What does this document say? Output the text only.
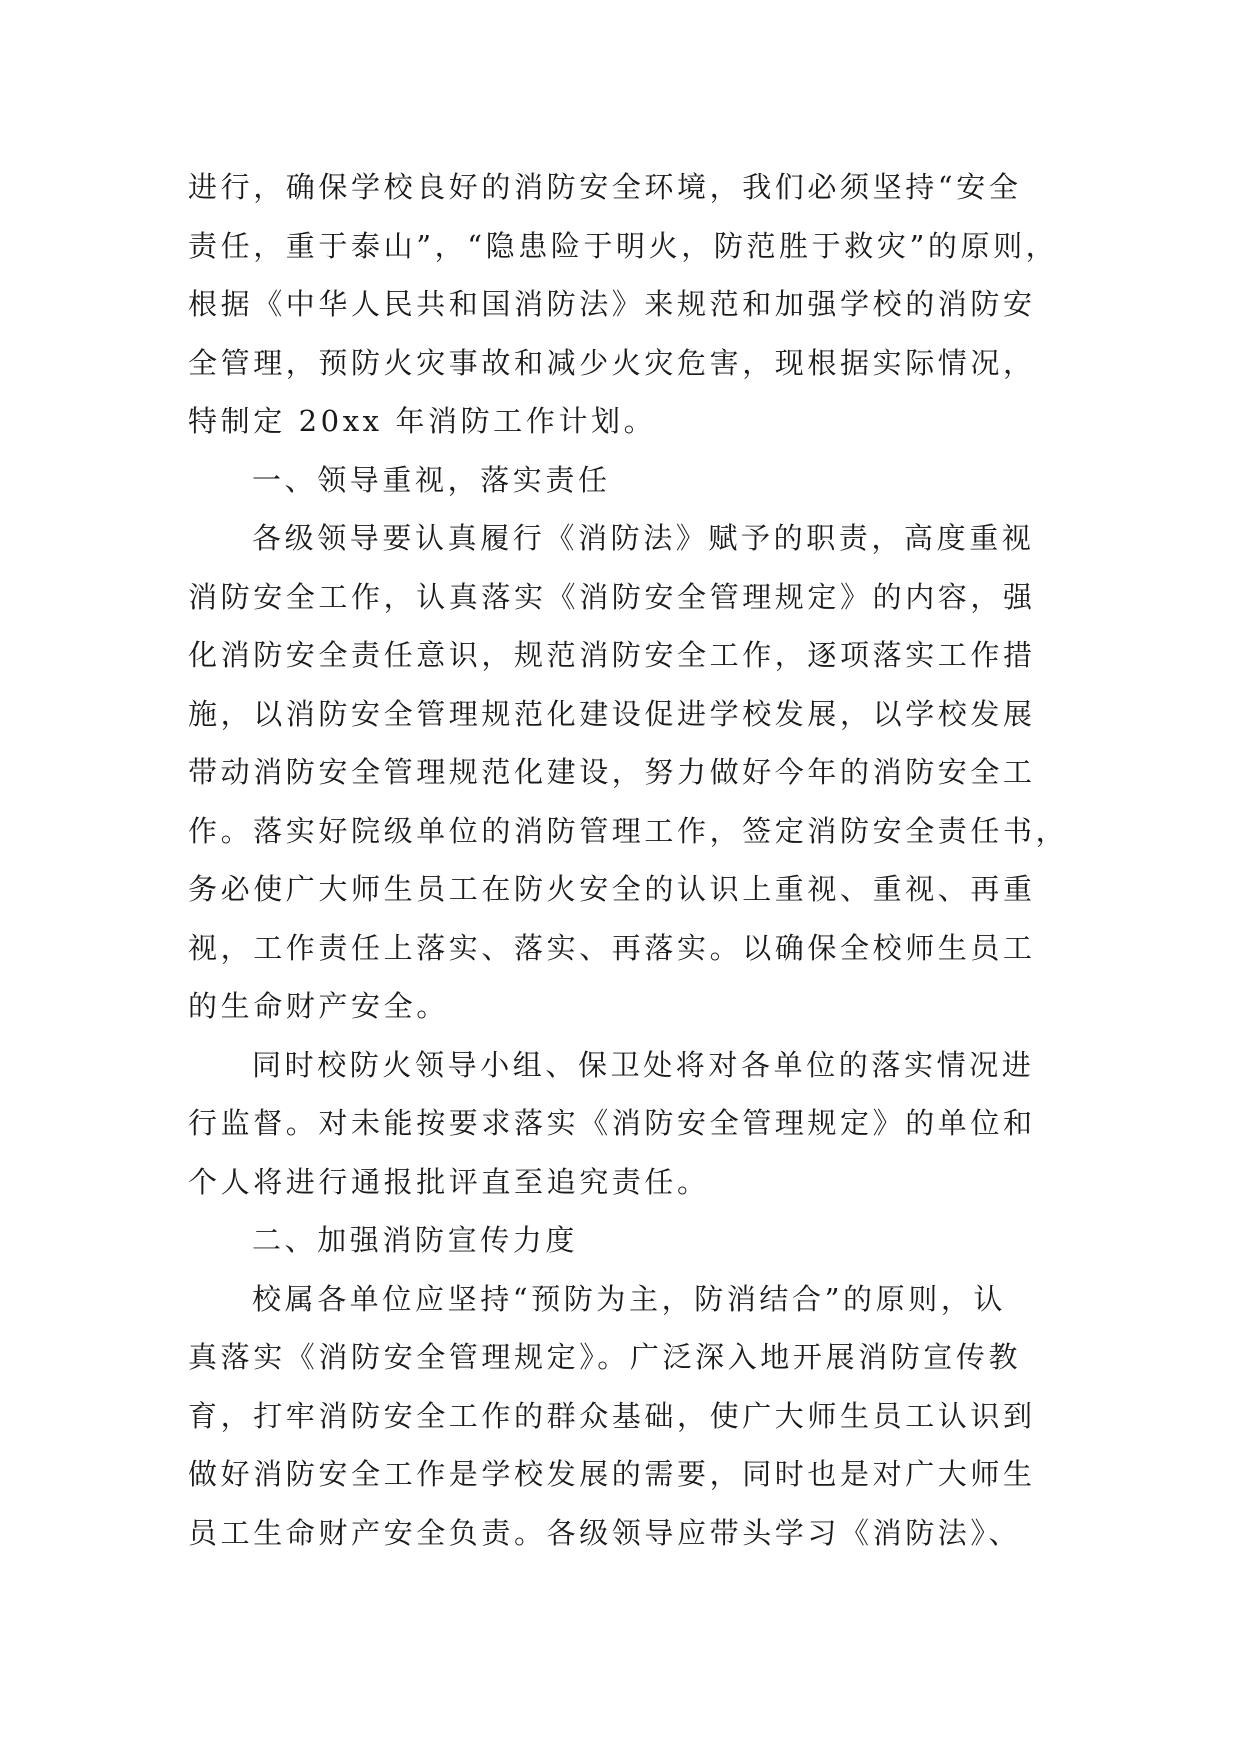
进行，确保学校良好的消防安全环境，我们必须坚持“安全
责任，重于泰山”，“隐患险于明火，防范胜于救灾”的原则，
根据《中华人民共和国消防法》来规范和加强学校的消防安
全管理，预防火灾事故和减少火灾危害，现根据实际情况，
特制定 20xx 年消防工作计划。
一、领导重视，落实责任
各级领导要认真履行《消防法》赋予的职责，高度重视
消防安全工作，认真落实《消防安全管理规定》的内容，强
化消防安全责任意识，规范消防安全工作，逐项落实工作措
施，以消防安全管理规范化建设促进学校发展，以学校发展
带动消防安全管理规范化建设，努力做好今年的消防安全工
作。落实好院级单位的消防管理工作，签定消防安全责任书，
务必使广大师生员工在防火安全的认识上重视、重视、再重
视，工作责任上落实、落实、再落实。以确保全校师生员工
的生命财产安全。
同时校防火领导小组、保卫处将对各单位的落实情况进
行监督。对未能按要求落实《消防安全管理规定》的单位和
个人将进行通报批评直至追究责任。
二、加强消防宣传力度
校属各单位应坚持“预防为主，防消结合”的原则，认
真落实《消防安全管理规定》。广泛深入地开展消防宣传教
育，打牢消防安全工作的群众基础，使广大师生员工认识到
做好消防安全工作是学校发展的需要，同时也是对广大师生
员工生命财产安全负责。各级领导应带头学习《消防法》、
